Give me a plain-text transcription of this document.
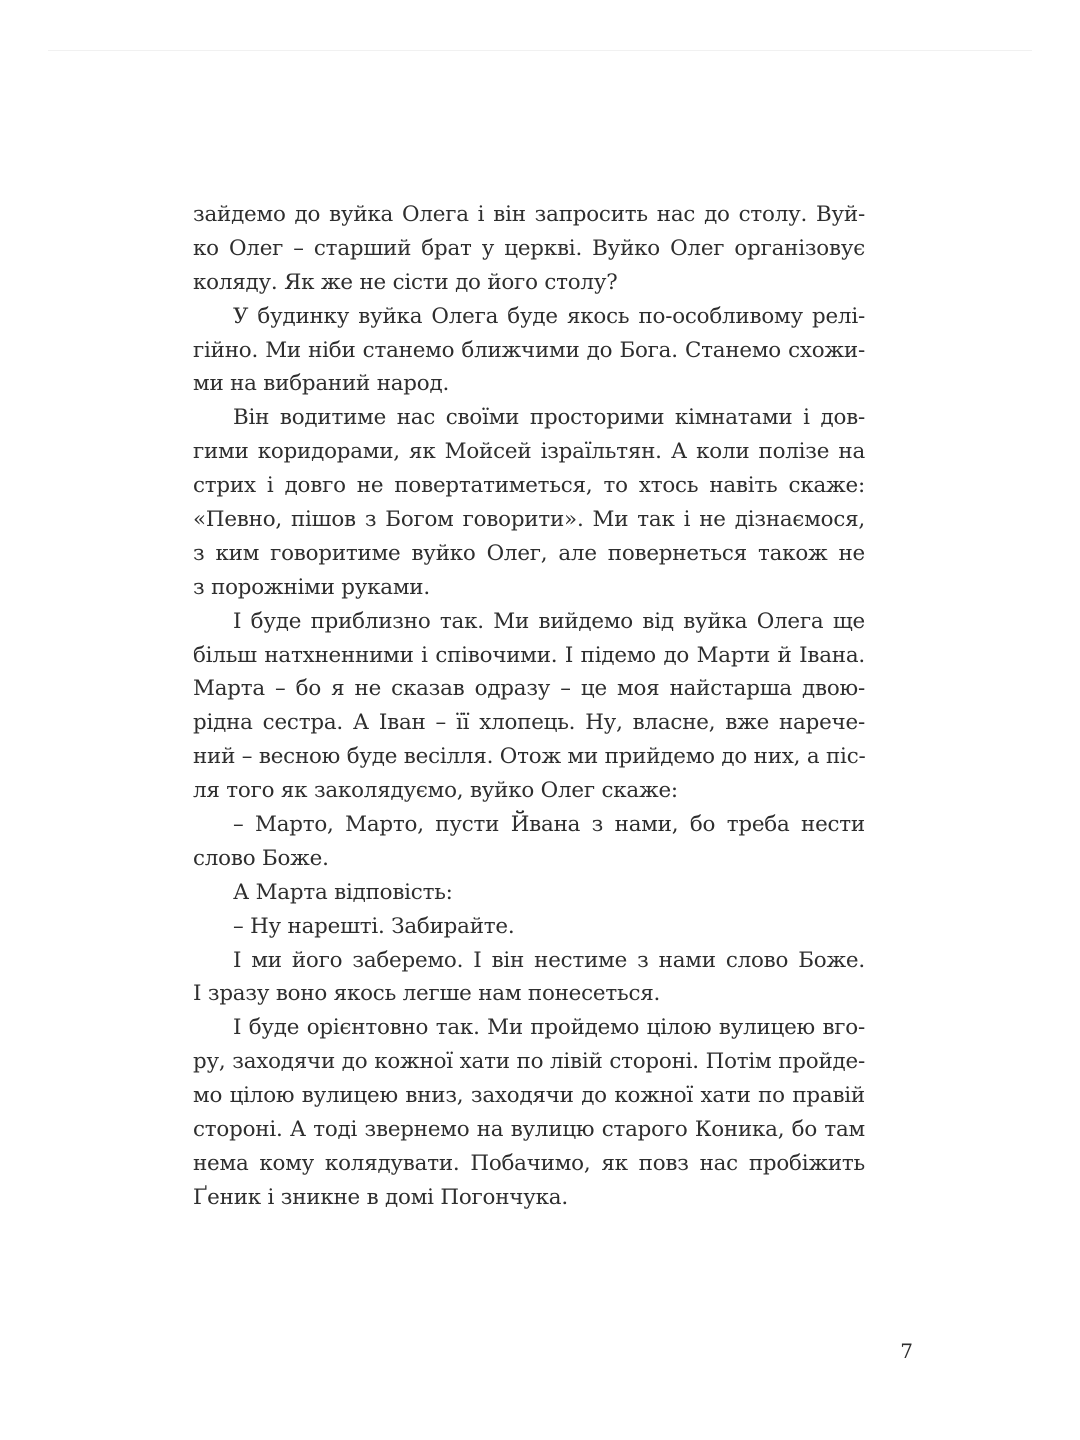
зайдемо до вуйка Олега і він запросить нас до столу. Вуй-
ко Олег – старший брат у церкві. Вуйко Олег організовує
коляду. Як же не сісти до його столу?
У будинку вуйка Олега буде якось по-особливому релі-
гійно. Ми ніби станемо ближчими до Бога. Станемо схожи-
ми на вибраний народ.
Він водитиме нас своїми просторими кімнатами і дов-
гими коридорами, як Мойсей ізраїльтян. А коли полізе на
стрих і довго не повертатиметься, то хтось навіть скаже:
«Певно, пішов з Богом говорити». Ми так і не дізнаємося,
з ким говоритиме вуйко Олег, але повернеться також не
з порожніми руками.
І буде приблизно так. Ми вийдемо від вуйка Олега ще
більш натхненними і співочими. І підемо до Марти й Івана.
Марта – бо я не сказав одразу – це моя найстарша двою-
рідна сестра. А Іван – її хлопець. Ну, власне, вже нарече-
ний – весною буде весілля. Отож ми прийдемо до них, а піс-
ля того як заколядуємо, вуйко Олег скаже:
– Марто, Марто, пусти Йвана з нами, бо треба нести
слово Боже.
А Марта відповість:
– Ну нарешті. Забирайте.
І ми його заберемо. І він нестиме з нами слово Боже.
І зразу воно якось легше нам понесеться.
І буде орієнтовно так. Ми пройдемо цілою вулицею вго-
ру, заходячи до кожної хати по лівій стороні. Потім пройде-
мо цілою вулицею вниз, заходячи до кожної хати по правій
стороні. А тоді звернемо на вулицю старого Коника, бо там
нема кому колядувати. Побачимо, як повз нас пробіжить
Ґеник і зникне в домі Погончука.
7
